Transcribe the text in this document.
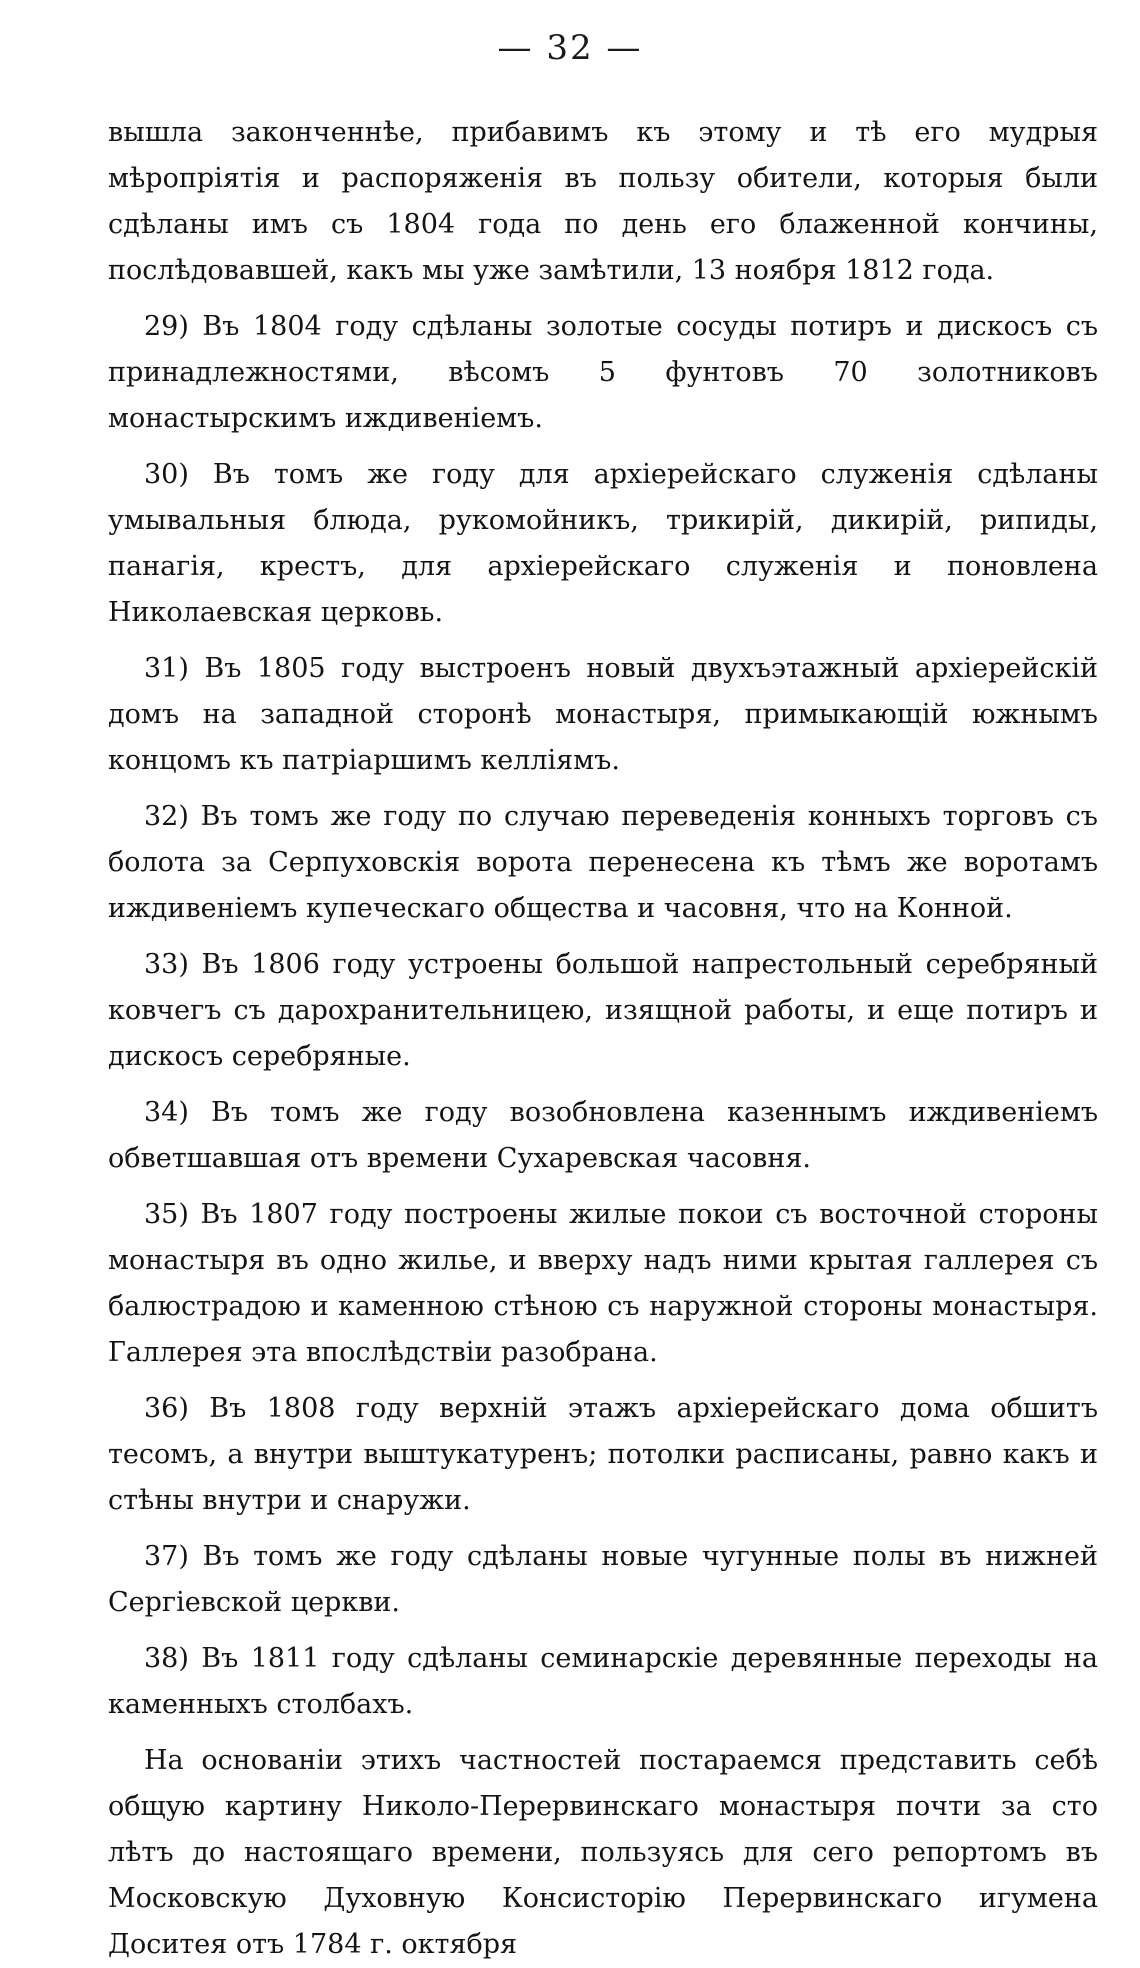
— 32 —

вышла законченнѣе, прибавимъ къ этому и тѣ его мудрыя мѣропріятія и распоряженія въ пользу обители, которыя были сдѣланы имъ съ 1804 года по день его блаженной кончины, послѣдовавшей, какъ мы уже замѣтили, 13 ноября 1812 года.

29) Въ 1804 году сдѣланы золотые сосуды потиръ и дискосъ съ принадлежностями, вѣсомъ 5 фунтовъ 70 золотниковъ монастырскимъ иждивеніемъ.

30) Въ томъ же году для архіерейскаго служенія сдѣланы умывальныя блюда, рукомойникъ, трикирій, дикирій, рипиды, панагія, крестъ, для архіерейскаго служенія и поновлена Николаевская церковь.

31) Въ 1805 году выстроенъ новый двухъэтажный архіерейскій домъ на западной сторонѣ монастыря, примыкающій южнымъ концомъ къ патріаршимъ келліямъ.

32) Въ томъ же году по случаю переведенія конныхъ торговъ съ болота за Серпуховскія ворота перенесена къ тѣмъ же воротамъ иждивеніемъ купеческаго общества и часовня, что на Конной.

33) Въ 1806 году устроены большой напрестольный серебряный ковчегъ съ дарохранительницею, изящной работы, и еще потиръ и дискосъ серебряные.

34) Въ томъ же году возобновлена казеннымъ иждивеніемъ обветшавшая отъ времени Сухаревская часовня.

35) Въ 1807 году построены жилые покои съ восточной стороны монастыря въ одно жилье, и вверху надъ ними крытая галлерея съ балюстрадою и каменною стѣною съ наружной стороны монастыря. Галлерея эта впослѣдствіи разобрана.

36) Въ 1808 году верхній этажъ архіерейскаго дома обшитъ тесомъ, а внутри выштукатуренъ; потолки расписаны, равно какъ и стѣны внутри и снаружи.

37) Въ томъ же году сдѣланы новые чугунные полы въ нижней Сергіевской церкви.

38) Въ 1811 году сдѣланы семинарскіе деревянные переходы на каменныхъ столбахъ.

На основаніи этихъ частностей постараемся представить себѣ общую картину Николо-Перервинскаго монастыря почти за сто лѣтъ до настоящаго времени, пользуясь для сего репортомъ въ Московскую Духовную Консисторію Перервинскаго игумена Доситея отъ 1784 г. октября
